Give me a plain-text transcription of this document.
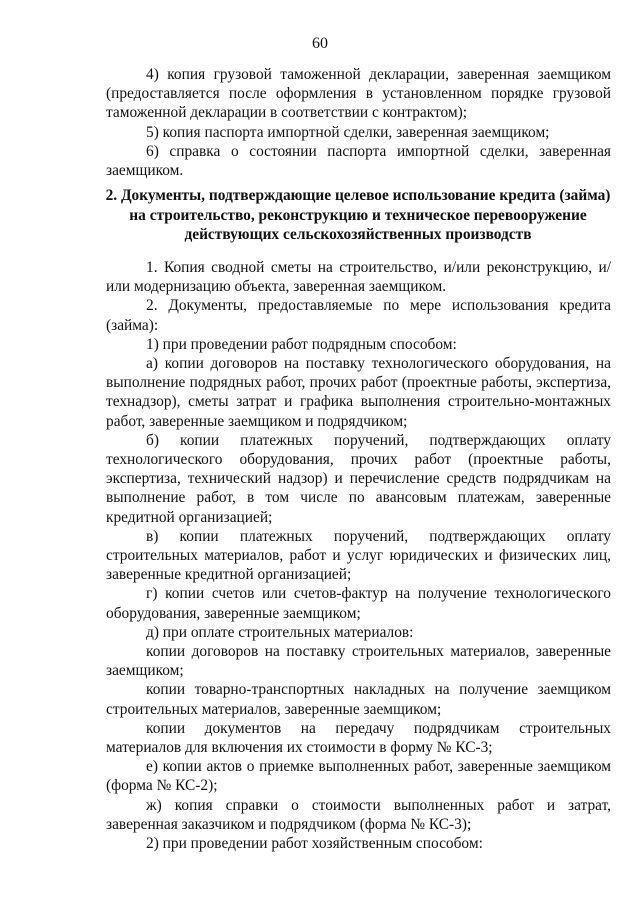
60

4) копия грузовой таможенной декларации, заверенная заемщиком (предоставляется после оформления в установленном порядке грузовой таможенной декларации в соответствии с контрактом);

5) копия паспорта импортной сделки, заверенная заемщиком;

6) справка о состоянии паспорта импортной сделки, заверенная заемщиком.

2. Документы, подтверждающие целевое использование кредита (займа) на строительство, реконструкцию и техническое перевооружение действующих сельскохозяйственных производств

1. Копия сводной сметы на строительство, и/или реконструкцию, и/или модернизацию объекта, заверенная заемщиком.

2. Документы, предоставляемые по мере использования кредита (займа):

1) при проведении работ подрядным способом:

а) копии договоров на поставку технологического оборудования, на выполнение подрядных работ, прочих работ (проектные работы, экспертиза, технадзор), сметы затрат и графика выполнения строительно-монтажных работ, заверенные заемщиком и подрядчиком;

б) копии платежных поручений, подтверждающих оплату технологического оборудования, прочих работ (проектные работы, экспертиза, технический надзор) и перечисление средств подрядчикам на выполнение работ, в том числе по авансовым платежам, заверенные кредитной организацией;

в) копии платежных поручений, подтверждающих оплату строительных материалов, работ и услуг юридических и физических лиц, заверенные кредитной организацией;

г) копии счетов или счетов-фактур на получение технологического оборудования, заверенные заемщиком;

д) при оплате строительных материалов:

копии договоров на поставку строительных материалов, заверенные заемщиком;

копии товарно-транспортных накладных на получение заемщиком строительных материалов, заверенные заемщиком;

копии документов на передачу подрядчикам строительных материалов для включения их стоимости в форму № КС-3;

е) копии актов о приемке выполненных работ, заверенные заемщиком (форма № КС-2);

ж) копия справки о стоимости выполненных работ и затрат, заверенная заказчиком и подрядчиком (форма № КС-3);

2) при проведении работ хозяйственным способом:
